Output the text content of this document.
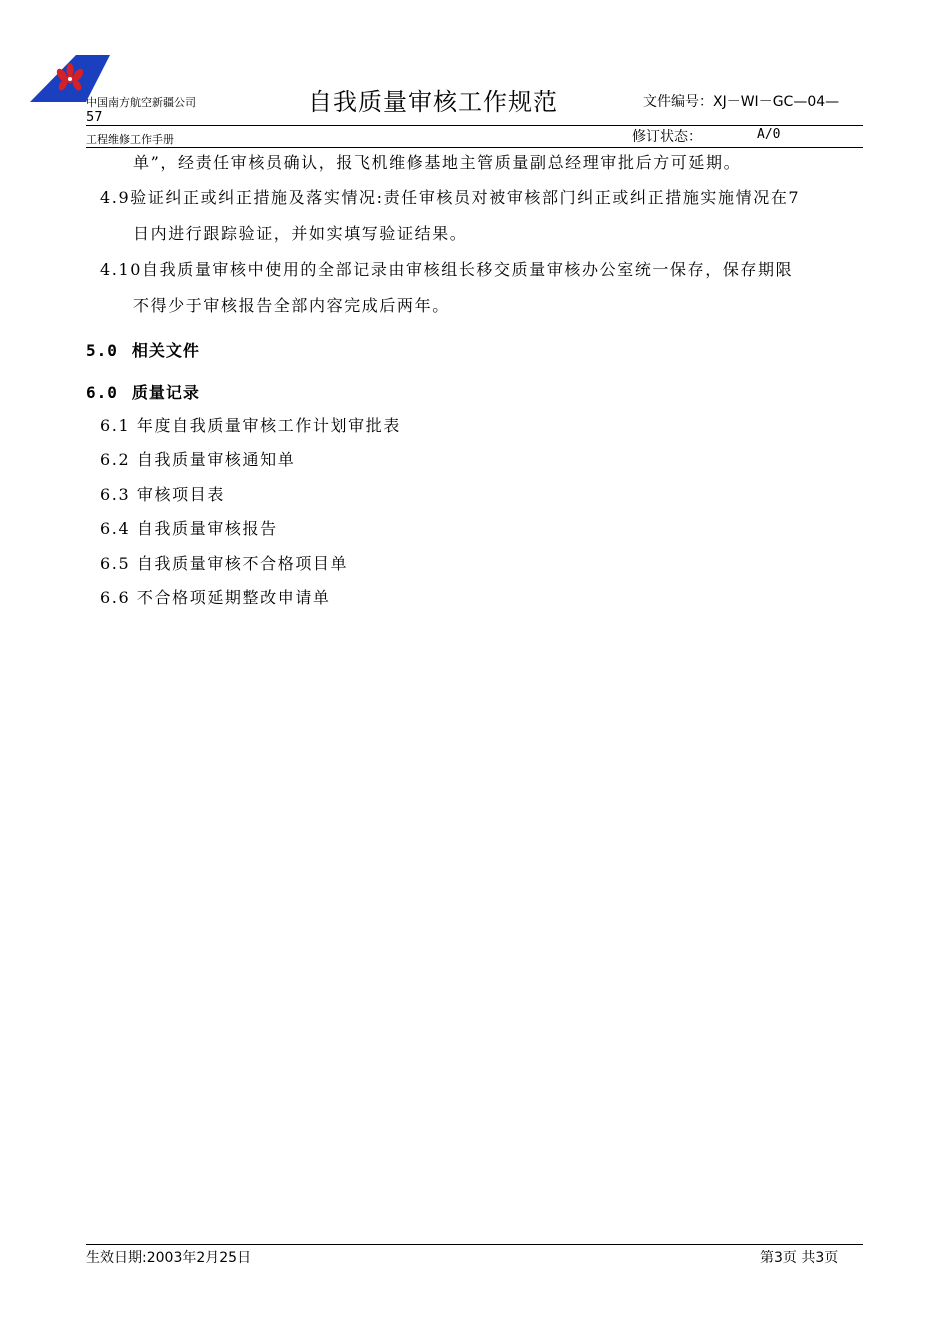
中国南方航空新疆公司
57
自我质量审核工作规范	文件编号：XJ－WI－GC—04—
工程维修工作手册	修订状态：	A/0
单”，经责任审核员确认，报飞机维修基地主管质量副总经理审批后方可延期。
4.9验证纠正或纠正措施及落实情况:责任审核员对被审核部门纠正或纠正措施实施情况在7
日内进行跟踪验证，并如实填写验证结果。
4.10自我质量审核中使用的全部记录由审核组长移交质量审核办公室统一保存，保存期限
不得少于审核报告全部内容完成后两年。
5.0 相关文件
6.0 质量记录
6.1 年度自我质量审核工作计划审批表
6.2 自我质量审核通知单
6.3 审核项目表
6.4 自我质量审核报告
6.5 自我质量审核不合格项目单
6.6 不合格项延期整改申请单
生效日期:2003年2月25日	第3页 共3页
